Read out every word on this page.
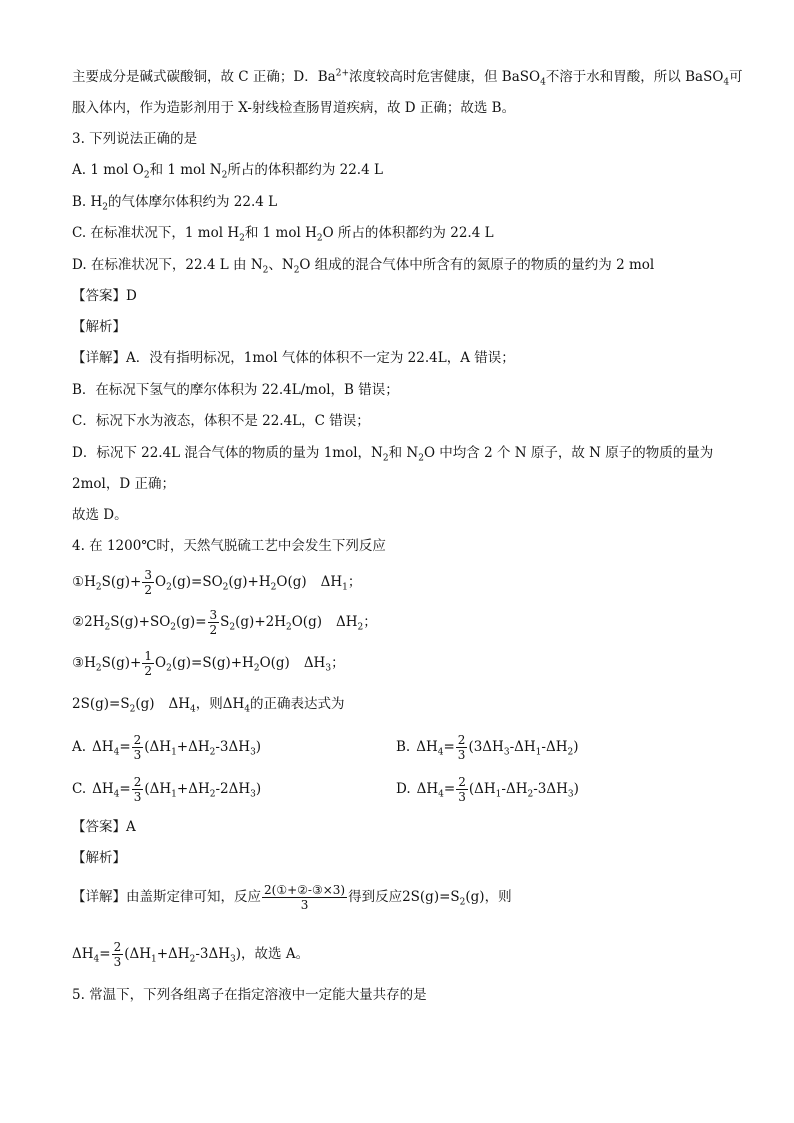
主要成分是碱式碳酸铜，故 C 正确；D．$Ba^{2+}$浓度较高时危害健康，但 BaSO$_4$不溶于水和胃酸，所以 BaSO$_4$可
服入体内，作为造影剂用于 X-射线检查肠胃道疾病，故 D 正确；故选 B。
3. 下列说法正确的是
A. 1 mol $O_2$和 1 mol $N_2$所占的体积都约为 22.4 L
B. $H_2$的气体摩尔体积约为 22.4 L
C. 在标准状况下，1 mol $H_2$和 1 mol $H_2O$ 所占的体积都约为 22.4 L
D. 在标准状况下，22.4 L 由 $N_2$、$N_2O$ 组成的混合气体中所含有的氮原子的物质的量约为 2 mol
【答案】D
【解析】
【详解】A．没有指明标况，1mol 气体的体积不一定为 22.4L，A 错误；
B．在标况下氢气的摩尔体积为 22.4L/mol，B 错误；
C．标况下水为液态，体积不是 22.4L，C 错误；
D．标况下 22.4L 混合气体的物质的量为 1mol，$N_2$和 $N_2O$ 中均含 2 个 N 原子，故 N 原子的物质的量为
2mol，D 正确；
故选 D。
4. 在 1200℃时，天然气脱硫工艺中会发生下列反应
$①H_2S(g)+ \frac{3}{2} O_2(g)=SO_2(g)+H_2O(g)$ $\Delta H_1$；
$②2H_2S(g)+SO_2(g)= \frac{3}{2} S_2(g)+2H_2O(g)$ $\Delta H_2$；
$③H_2S(g)+ \frac{1}{2} O_2(g)=S(g)+H_2O(g)$ $\Delta H_3$；
$2S(g)=S_2(g)$ $\Delta H_4$，则$\Delta H_4$的正确表达式为
A. $\Delta H_4= \frac{2}{3} (\Delta H_1+\Delta H_2-3\Delta H_3)$	B. $\Delta H_4= \frac{2}{3} (3\Delta H_3-\Delta H_1-\Delta H_2)$
C. $\Delta H_4= \frac{2}{3} (\Delta H_1+\Delta H_2-2\Delta H_3)$	D. $\Delta H_4= \frac{2}{3} (\Delta H_1-\Delta H_2-3\Delta H_3)$
【答案】A
【解析】
【详解】由盖斯定律可知，反应 $\frac{\text{2(①+②-③×3)}}{3}$ 得到反应$2S(g)=S_2(g)$，则
$\Delta H_4= \frac{2}{3} (\Delta H_1+\Delta H_2-3\Delta H_3)$，故选 A。
5. 常温下，下列各组离子在指定溶液中一定能大量共存的是
